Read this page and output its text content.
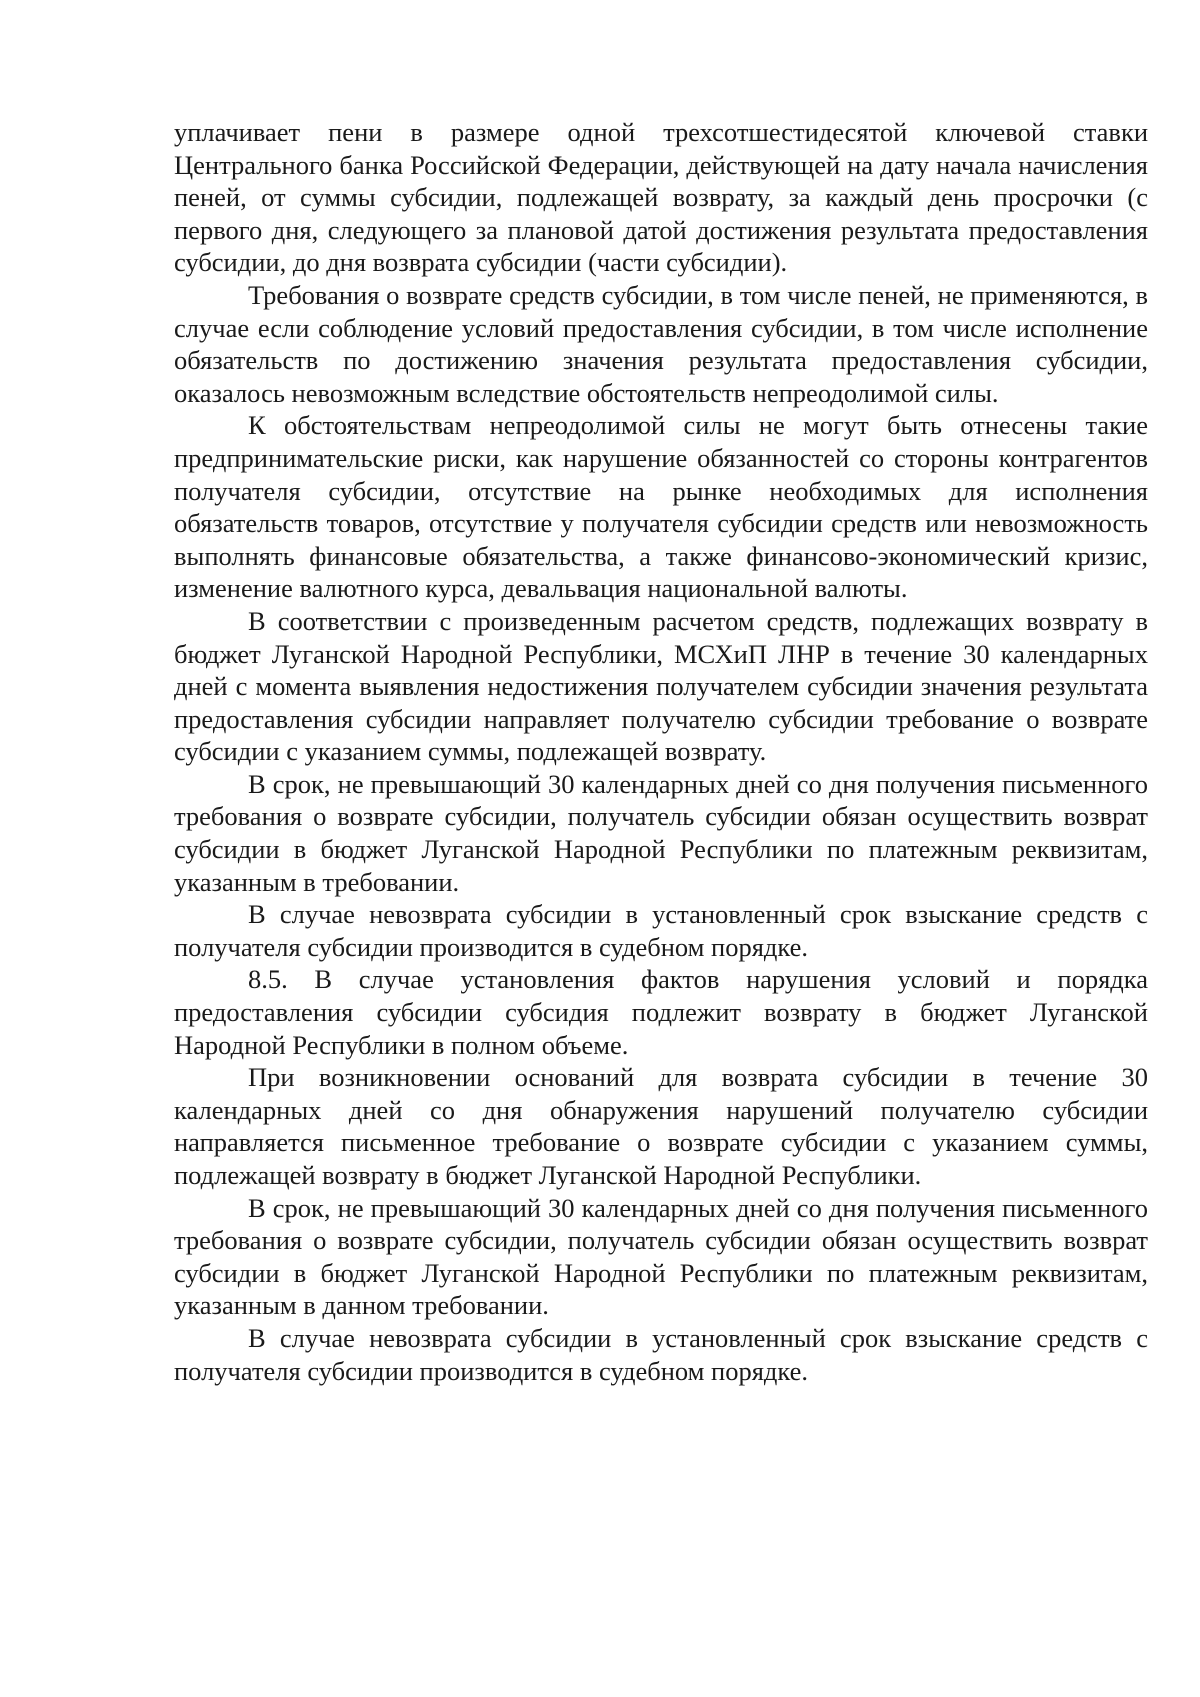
уплачивает пени в размере одной трехсотшестидесятой ключевой ставки Центрального банка Российской Федерации, действующей на дату начала начисления пеней, от суммы субсидии, подлежащей возврату, за каждый день просрочки (с первого дня, следующего за плановой датой достижения результата предоставления субсидии, до дня возврата субсидии (части субсидии).

Требования о возврате средств субсидии, в том числе пеней, не применяются, в случае если соблюдение условий предоставления субсидии, в том числе исполнение обязательств по достижению значения результата предоставления субсидии, оказалось невозможным вследствие обстоятельств непреодолимой силы.

К обстоятельствам непреодолимой силы не могут быть отнесены такие предпринимательские риски, как нарушение обязанностей со стороны контрагентов получателя субсидии, отсутствие на рынке необходимых для исполнения обязательств товаров, отсутствие у получателя субсидии средств или невозможность выполнять финансовые обязательства, а также финансово-экономический кризис, изменение валютного курса, девальвация национальной валюты.

В соответствии с произведенным расчетом средств, подлежащих возврату в бюджет Луганской Народной Республики, МСХиП ЛНР в течение 30 календарных дней с момента выявления недостижения получателем субсидии значения результата предоставления субсидии направляет получателю субсидии требование о возврате субсидии с указанием суммы, подлежащей возврату.

В срок, не превышающий 30 календарных дней со дня получения письменного требования о возврате субсидии, получатель субсидии обязан осуществить возврат субсидии в бюджет Луганской Народной Республики по платежным реквизитам, указанным в требовании.

В случае невозврата субсидии в установленный срок взыскание средств с получателя субсидии производится в судебном порядке.

8.5. В случае установления фактов нарушения условий и порядка предоставления субсидии субсидия подлежит возврату в бюджет Луганской Народной Республики в полном объеме.

При возникновении оснований для возврата субсидии в течение 30 календарных дней со дня обнаружения нарушений получателю субсидии направляется письменное требование о возврате субсидии с указанием суммы, подлежащей возврату в бюджет Луганской Народной Республики.

В срок, не превышающий 30 календарных дней со дня получения письменного требования о возврате субсидии, получатель субсидии обязан осуществить возврат субсидии в бюджет Луганской Народной Республики по платежным реквизитам, указанным в данном требовании.

В случае невозврата субсидии в установленный срок взыскание средств с получателя субсидии производится в судебном порядке.
